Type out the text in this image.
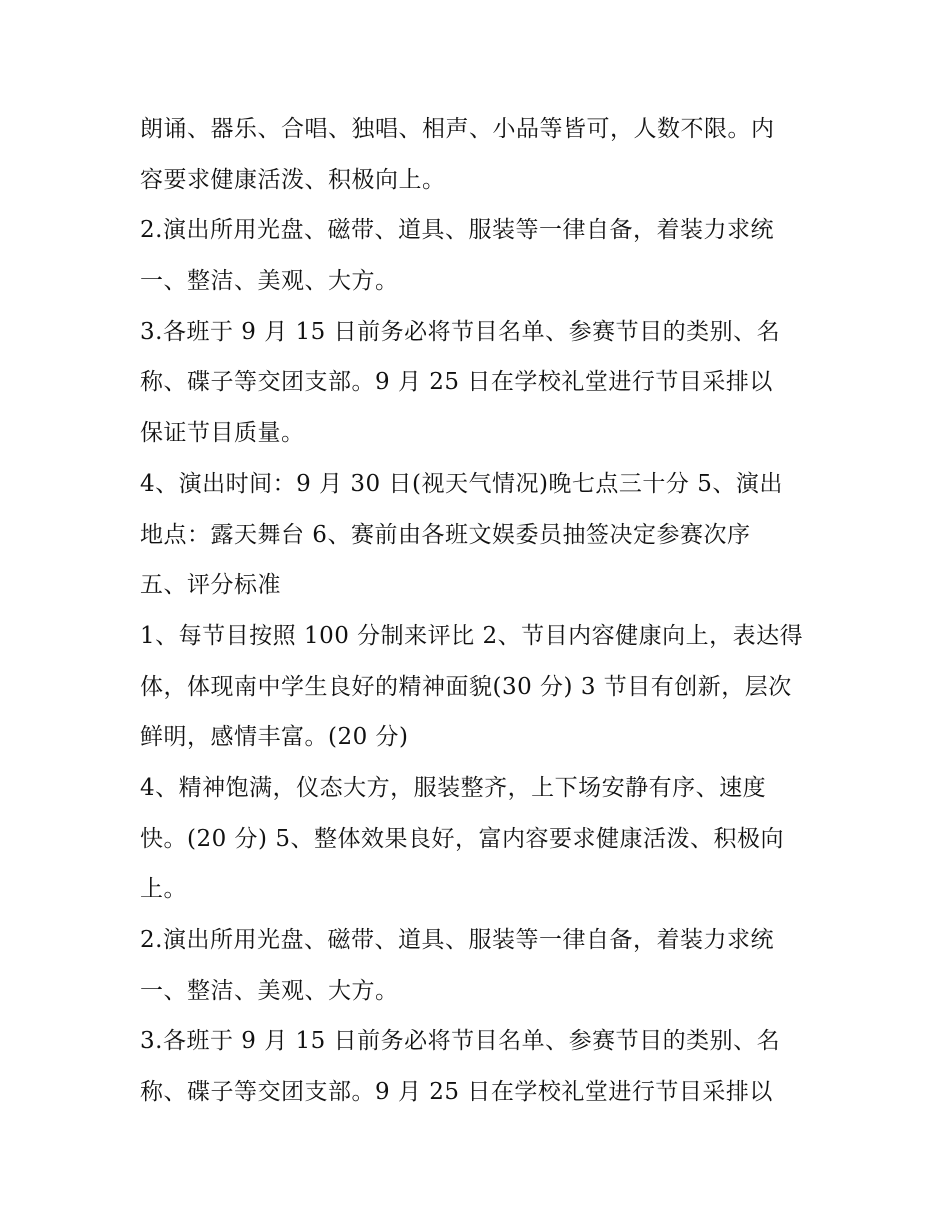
朗诵、器乐、合唱、独唱、相声、小品等皆可，人数不限。内
容要求健康活泼、积极向上。
2.演出所用光盘、磁带、道具、服装等一律自备，着装力求统
一、整洁、美观、大方。
3.各班于 9 月 15 日前务必将节目名单、参赛节目的类别、名
称、碟子等交团支部。9 月 25 日在学校礼堂进行节目采排以
保证节目质量。
4、演出时间：9 月 30 日(视天气情况)晚七点三十分 5、演出
地点：露天舞台 6、赛前由各班文娱委员抽签决定参赛次序
五、评分标准
1、每节目按照 100 分制来评比 2、节目内容健康向上，表达得
体，体现南中学生良好的精神面貌(30 分) 3 节目有创新，层次
鲜明，感情丰富。(20 分)
4、精神饱满，仪态大方，服装整齐，上下场安静有序、速度
快。(20 分) 5、整体效果良好，富内容要求健康活泼、积极向
上。
2.演出所用光盘、磁带、道具、服装等一律自备，着装力求统
一、整洁、美观、大方。
3.各班于 9 月 15 日前务必将节目名单、参赛节目的类别、名
称、碟子等交团支部。9 月 25 日在学校礼堂进行节目采排以
